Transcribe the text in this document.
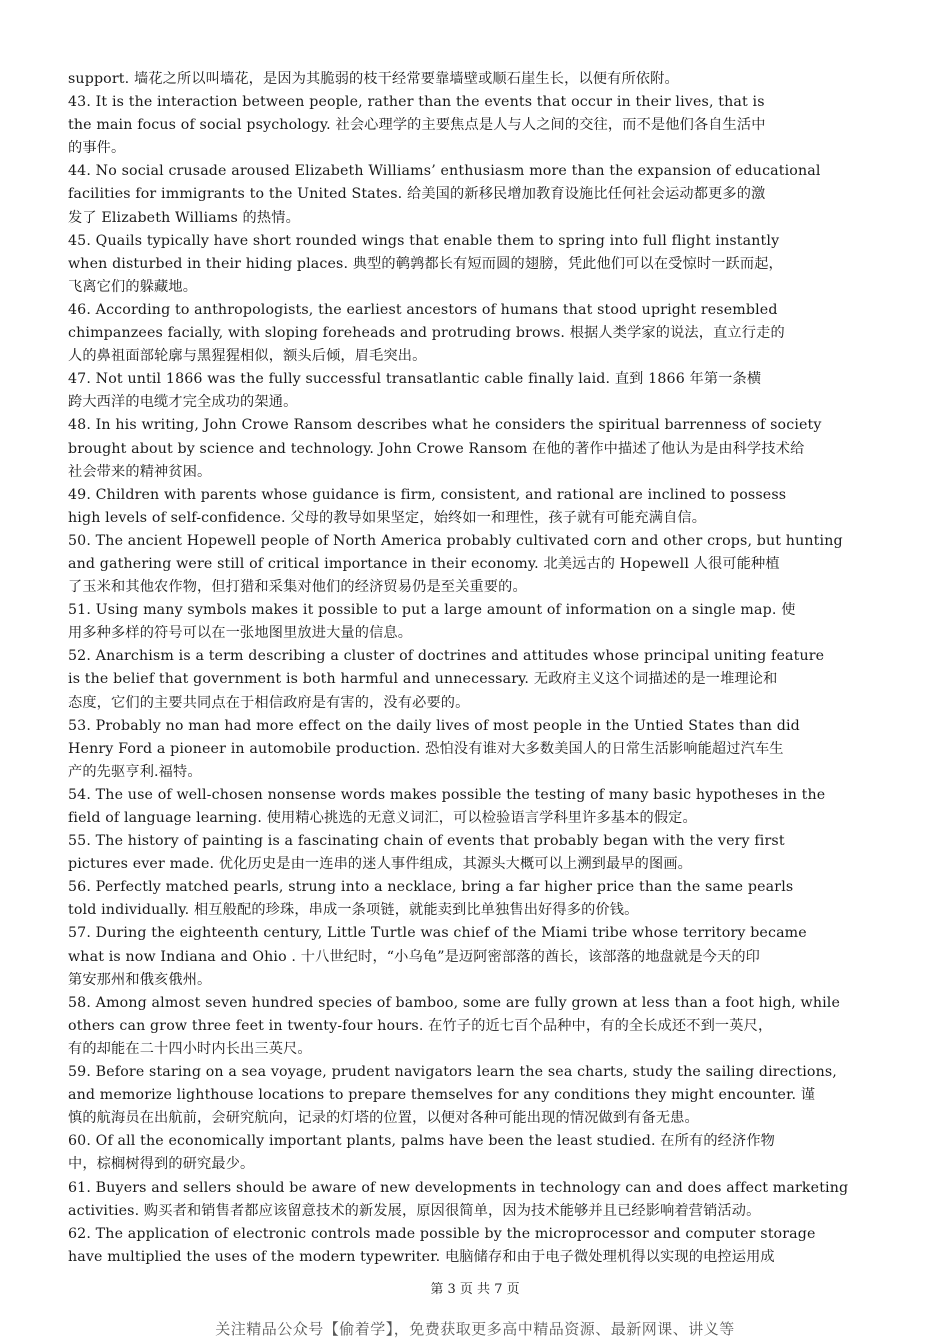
support. 墙花之所以叫墙花，是因为其脆弱的枝干经常要靠墙壁或顺石崖生长，以便有所依附。
43. It is the interaction between people, rather than the events that occur in their lives, that is
the main focus of social psychology. 社会心理学的主要焦点是人与人之间的交往，而不是他们各自生活中
的事件。
44. No social crusade aroused Elizabeth Williams’ enthusiasm more than the expansion of educational
facilities for immigrants to the United States. 给美国的新移民增加教育设施比任何社会运动都更多的激
发了 Elizabeth Williams 的热情。
45. Quails typically have short rounded wings that enable them to spring into full flight instantly
when disturbed in their hiding places. 典型的鹌鹑都长有短而圆的翅膀，凭此他们可以在受惊时一跃而起，
飞离它们的躲藏地。
46. According to anthropologists, the earliest ancestors of humans that stood upright resembled
chimpanzees facially, with sloping foreheads and protruding brows. 根据人类学家的说法，直立行走的
人的鼻祖面部轮廓与黑猩猩相似，额头后倾，眉毛突出。
47. Not until 1866 was the fully successful transatlantic cable finally laid. 直到 1866 年第一条横
跨大西洋的电缆才完全成功的架通。
48. In his writing, John Crowe Ransom describes what he considers the spiritual barrenness of society
brought about by science and technology. John Crowe Ransom 在他的著作中描述了他认为是由科学技术给
社会带来的精神贫困。
49. Children with parents whose guidance is firm, consistent, and rational are inclined to possess
high levels of self-confidence. 父母的教导如果坚定，始终如一和理性，孩子就有可能充满自信。
50. The ancient Hopewell people of North America probably cultivated corn and other crops, but hunting
and gathering were still of critical importance in their economy. 北美远古的 Hopewell 人很可能种植
了玉米和其他农作物，但打猎和采集对他们的经济贸易仍是至关重要的。
51. Using many symbols makes it possible to put a large amount of information on a single map. 使
用多种多样的符号可以在一张地图里放进大量的信息。
52. Anarchism is a term describing a cluster of doctrines and attitudes whose principal uniting feature
is the belief that government is both harmful and unnecessary. 无政府主义这个词描述的是一堆理论和
态度，它们的主要共同点在于相信政府是有害的，没有必要的。
53. Probably no man had more effect on the daily lives of most people in the Untied States than did
Henry Ford a pioneer in automobile production. 恐怕没有谁对大多数美国人的日常生活影响能超过汽车生
产的先驱亨利.福特。
54. The use of well-chosen nonsense words makes possible the testing of many basic hypotheses in the
field of language learning. 使用精心挑选的无意义词汇，可以检验语言学科里许多基本的假定。
55. The history of painting is a fascinating chain of events that probably began with the very first
pictures ever made. 优化历史是由一连串的迷人事件组成，其源头大概可以上溯到最早的图画。
56. Perfectly matched pearls, strung into a necklace, bring a far higher price than the same pearls
told individually. 相互般配的珍珠，串成一条项链，就能卖到比单独售出好得多的价钱。
57. During the eighteenth century, Little Turtle was chief of the Miami tribe whose territory became
what is now Indiana and Ohio . 十八世纪时，“小乌龟”是迈阿密部落的酋长，该部落的地盘就是今天的印
第安那州和俄亥俄州。
58. Among almost seven hundred species of bamboo, some are fully grown at less than a foot high, while
others can grow three feet in twenty-four hours. 在竹子的近七百个品种中，有的全长成还不到一英尺，
有的却能在二十四小时内长出三英尺。
59. Before staring on a sea voyage, prudent navigators learn the sea charts, study the sailing directions,
and memorize lighthouse locations to prepare themselves for any conditions they might encounter. 谨
慎的航海员在出航前，会研究航向，记录的灯塔的位置，以便对各种可能出现的情况做到有备无患。
60. Of all the economically important plants, palms have been the least studied. 在所有的经济作物
中，棕榈树得到的研究最少。
61. Buyers and sellers should be aware of new developments in technology can and does affect marketing
activities. 购买者和销售者都应该留意技术的新发展，原因很简单，因为技术能够并且已经影响着营销活动。
62. The application of electronic controls made possible by the microprocessor and computer storage
have multiplied the uses of the modern typewriter. 电脑储存和由于电子微处理机得以实现的电控运用成
第 3 页 共 7 页
关注精品公众号【偷着学】，免费获取更多高中精品资源、最新网课、讲义等
